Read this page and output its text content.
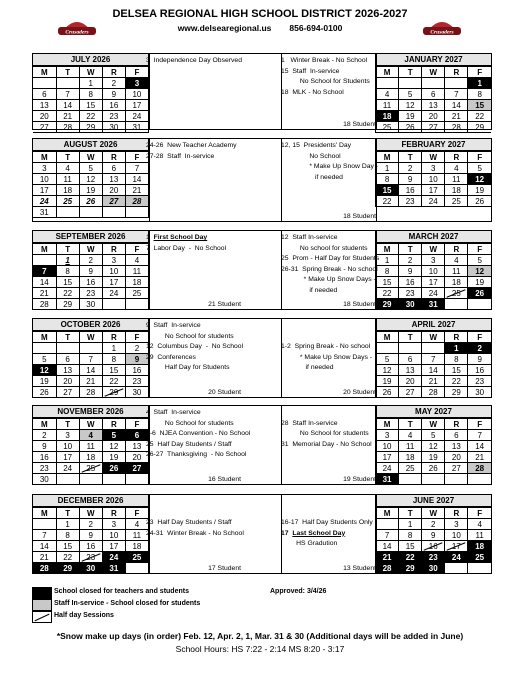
Crusaders	Crusaders
DELSEA REGIONAL HIGH SCHOOL DISTRICT 2026-2027
www.delsearegional.us 856-694-0100
JULY 2026
M	T	W	R	F
		1	2	3
6	7	8	9	10
13	14	15	16	17
20	21	22	23	24
27	28	29	30	31
JANUARY 2027
M	T	W	R	F
				1
4	5	6	7	8
11	12	13	14	15
18	19	20	21	22
25	26	27	28	29
3  Independence Day Observed	1   Winter Break - No School
15  Staff  In-service
No School for Students
18  MLK - No School
18 Student
AUGUST 2026
M	T	W	R	F
3	4	5	6	7
10	11	12	13	14
17	18	19	20	21
24	25	26	27	28
31				
FEBRUARY 2027
M	T	W	R	F
1	2	3	4	5
8	9	10	11	12
15	16	17	18	19
22	23	24	25	26
24-26  New Teacher Academy
27-28  Staff  In-service
12, 15  Presidents' Day
No School
* Make Up Snow Day -
if needed
18 Student
SEPTEMBER 2026
M	T	W	R	F
	1	2	3	4
7	8	9	10	11
14	15	16	17	18
21	22	23	24	25
28	29	30		
MARCH 2027
M	T	W	R	F
1	2	3	4	5
8	9	10	11	12
15	16	17	18	19
22	23	24	25	26
29	30	31		
1  First School Day
7  Labor Day  -  No School
12  Staff In-service
No school for students
25  Prom - Half Day for Students
26-31  Spring Break - No school
* Make Up Snow Days -
if needed
21 Student	18 Student
OCTOBER 2026
M	T	W	R	F
			1	2
5	6	7	8	9
12	13	14	15	16
19	20	21	22	23
26	27	28	29	30
APRIL 2027
M	T	W	R	F
			1	2
5	6	7	8	9
12	13	14	15	16
19	20	21	22	23
26	27	28	29	30
9  Staff  In-service
No School for students
12  Columbus Day  -  No School
29  Conferences
Half Day for Students
1-2  Spring Break - No school
* Make Up Snow Days -
if needed
20 Student	20 Student
NOVEMBER 2026
M	T	W	R	F
2	3	4	5	6
9	10	11	12	13
16	17	18	19	20
23	24	25	26	27
30				
MAY 2027
M	T	W	R	F
3	4	5	6	7
10	11	12	13	14
17	18	19	20	21
24	25	26	27	28
31				
4  Staff  In-service
No School for students
5-6  NJEA Convention - No School
25  Half Day Students / Staff
26-27  Thanksgiving  - No School
28  Staff In-service
No School for students
31  Memorial Day - No School
16 Student	19 Student
DECEMBER 2026
M	T	W	R	F
	1	2	3	4
7	8	9	10	11
14	15	16	17	18
21	22	23	24	25
28	29	30	31	
JUNE 2027
M	T	W	R	F
	1	2	3	4
7	8	9	10	11
14	15	16	17	18
21	22	23	24	25
28	29	30		
23  Half Day Students / Staff
24-31  Winter Break - No School
16-17  Half Day Students Only
17  Last School Day
HS Gradution
17 Student	13 Student
School closed for teachers and students
Staff In-service - School closed for students
Half day Sessions
Approved: 3/4/26
*Snow make up days (in order) Feb. 12, Apr. 2, 1, Mar. 31 & 30 (Additional days will be added in June)
School Hours: HS 7:22 - 2:14 MS 8:20 - 3:17
